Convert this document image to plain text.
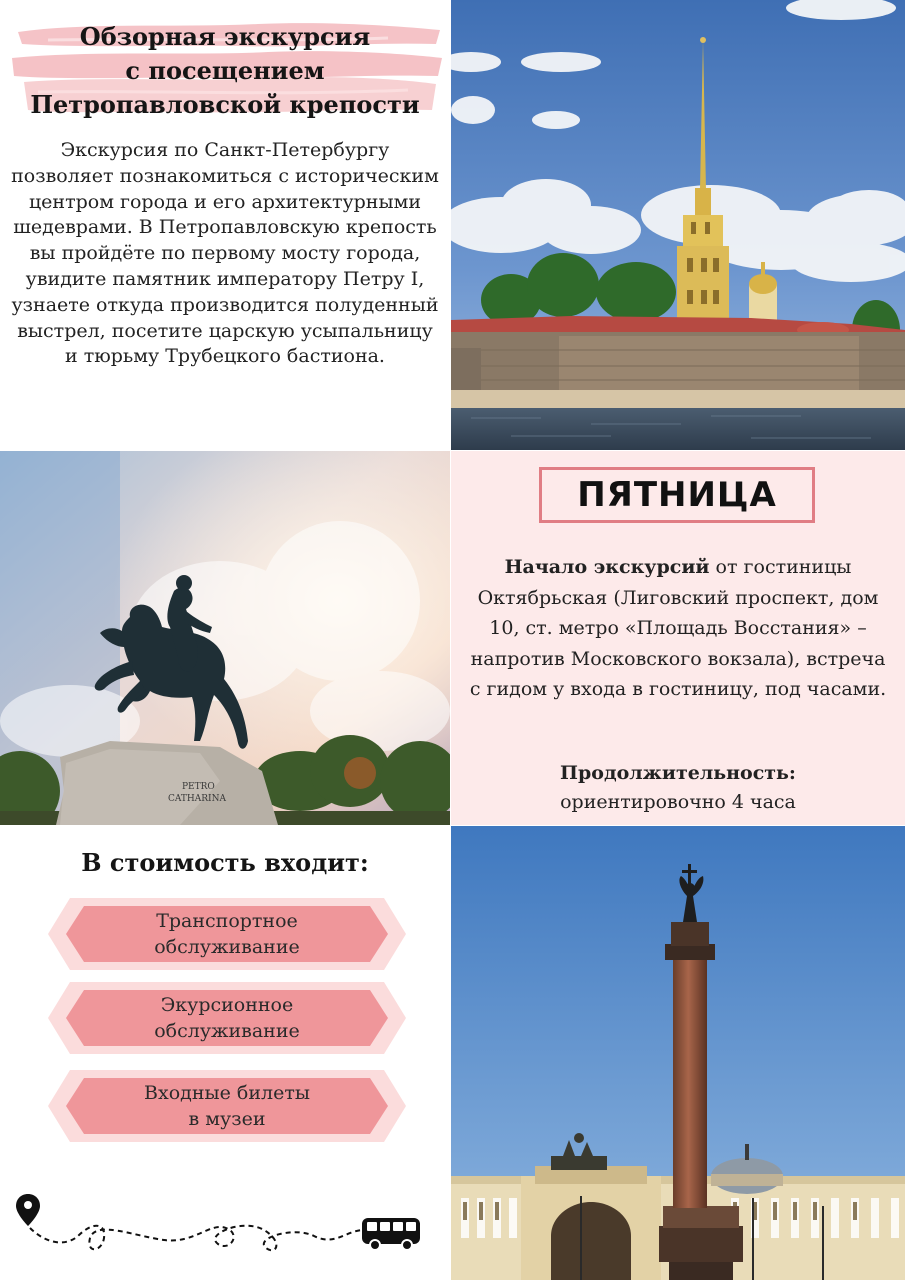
Обзорная экскурсия
с посещением
Петропавловской крепости
Экскурсия по Санкт-Петербургу позволяет познакомиться с историческим центром города и его архитектурными шедеврами. В Петропавловскую крепость вы пройдёте по первому мосту города, увидите памятник императору Петру I, узнаете откуда производится полуденный выстрел, посетите царскую усыпальницу и тюрьму Трубецкого бастиона.
PETRO
CATHARINA
ПЯТНИЦА
Начало экскурсий от гостиницы Октябрьская (Лиговский проспект, дом 10, ст. метро «Площадь Восстания» – напротив Московского вокзала), встреча с гидом у входа в гостиницу, под часами.
Продолжительность:
ориентировочно 4 часа
В стоимость входит:
Транспортное
обслуживание
Экурсионное
обслуживание
Входные билеты
в музеи
